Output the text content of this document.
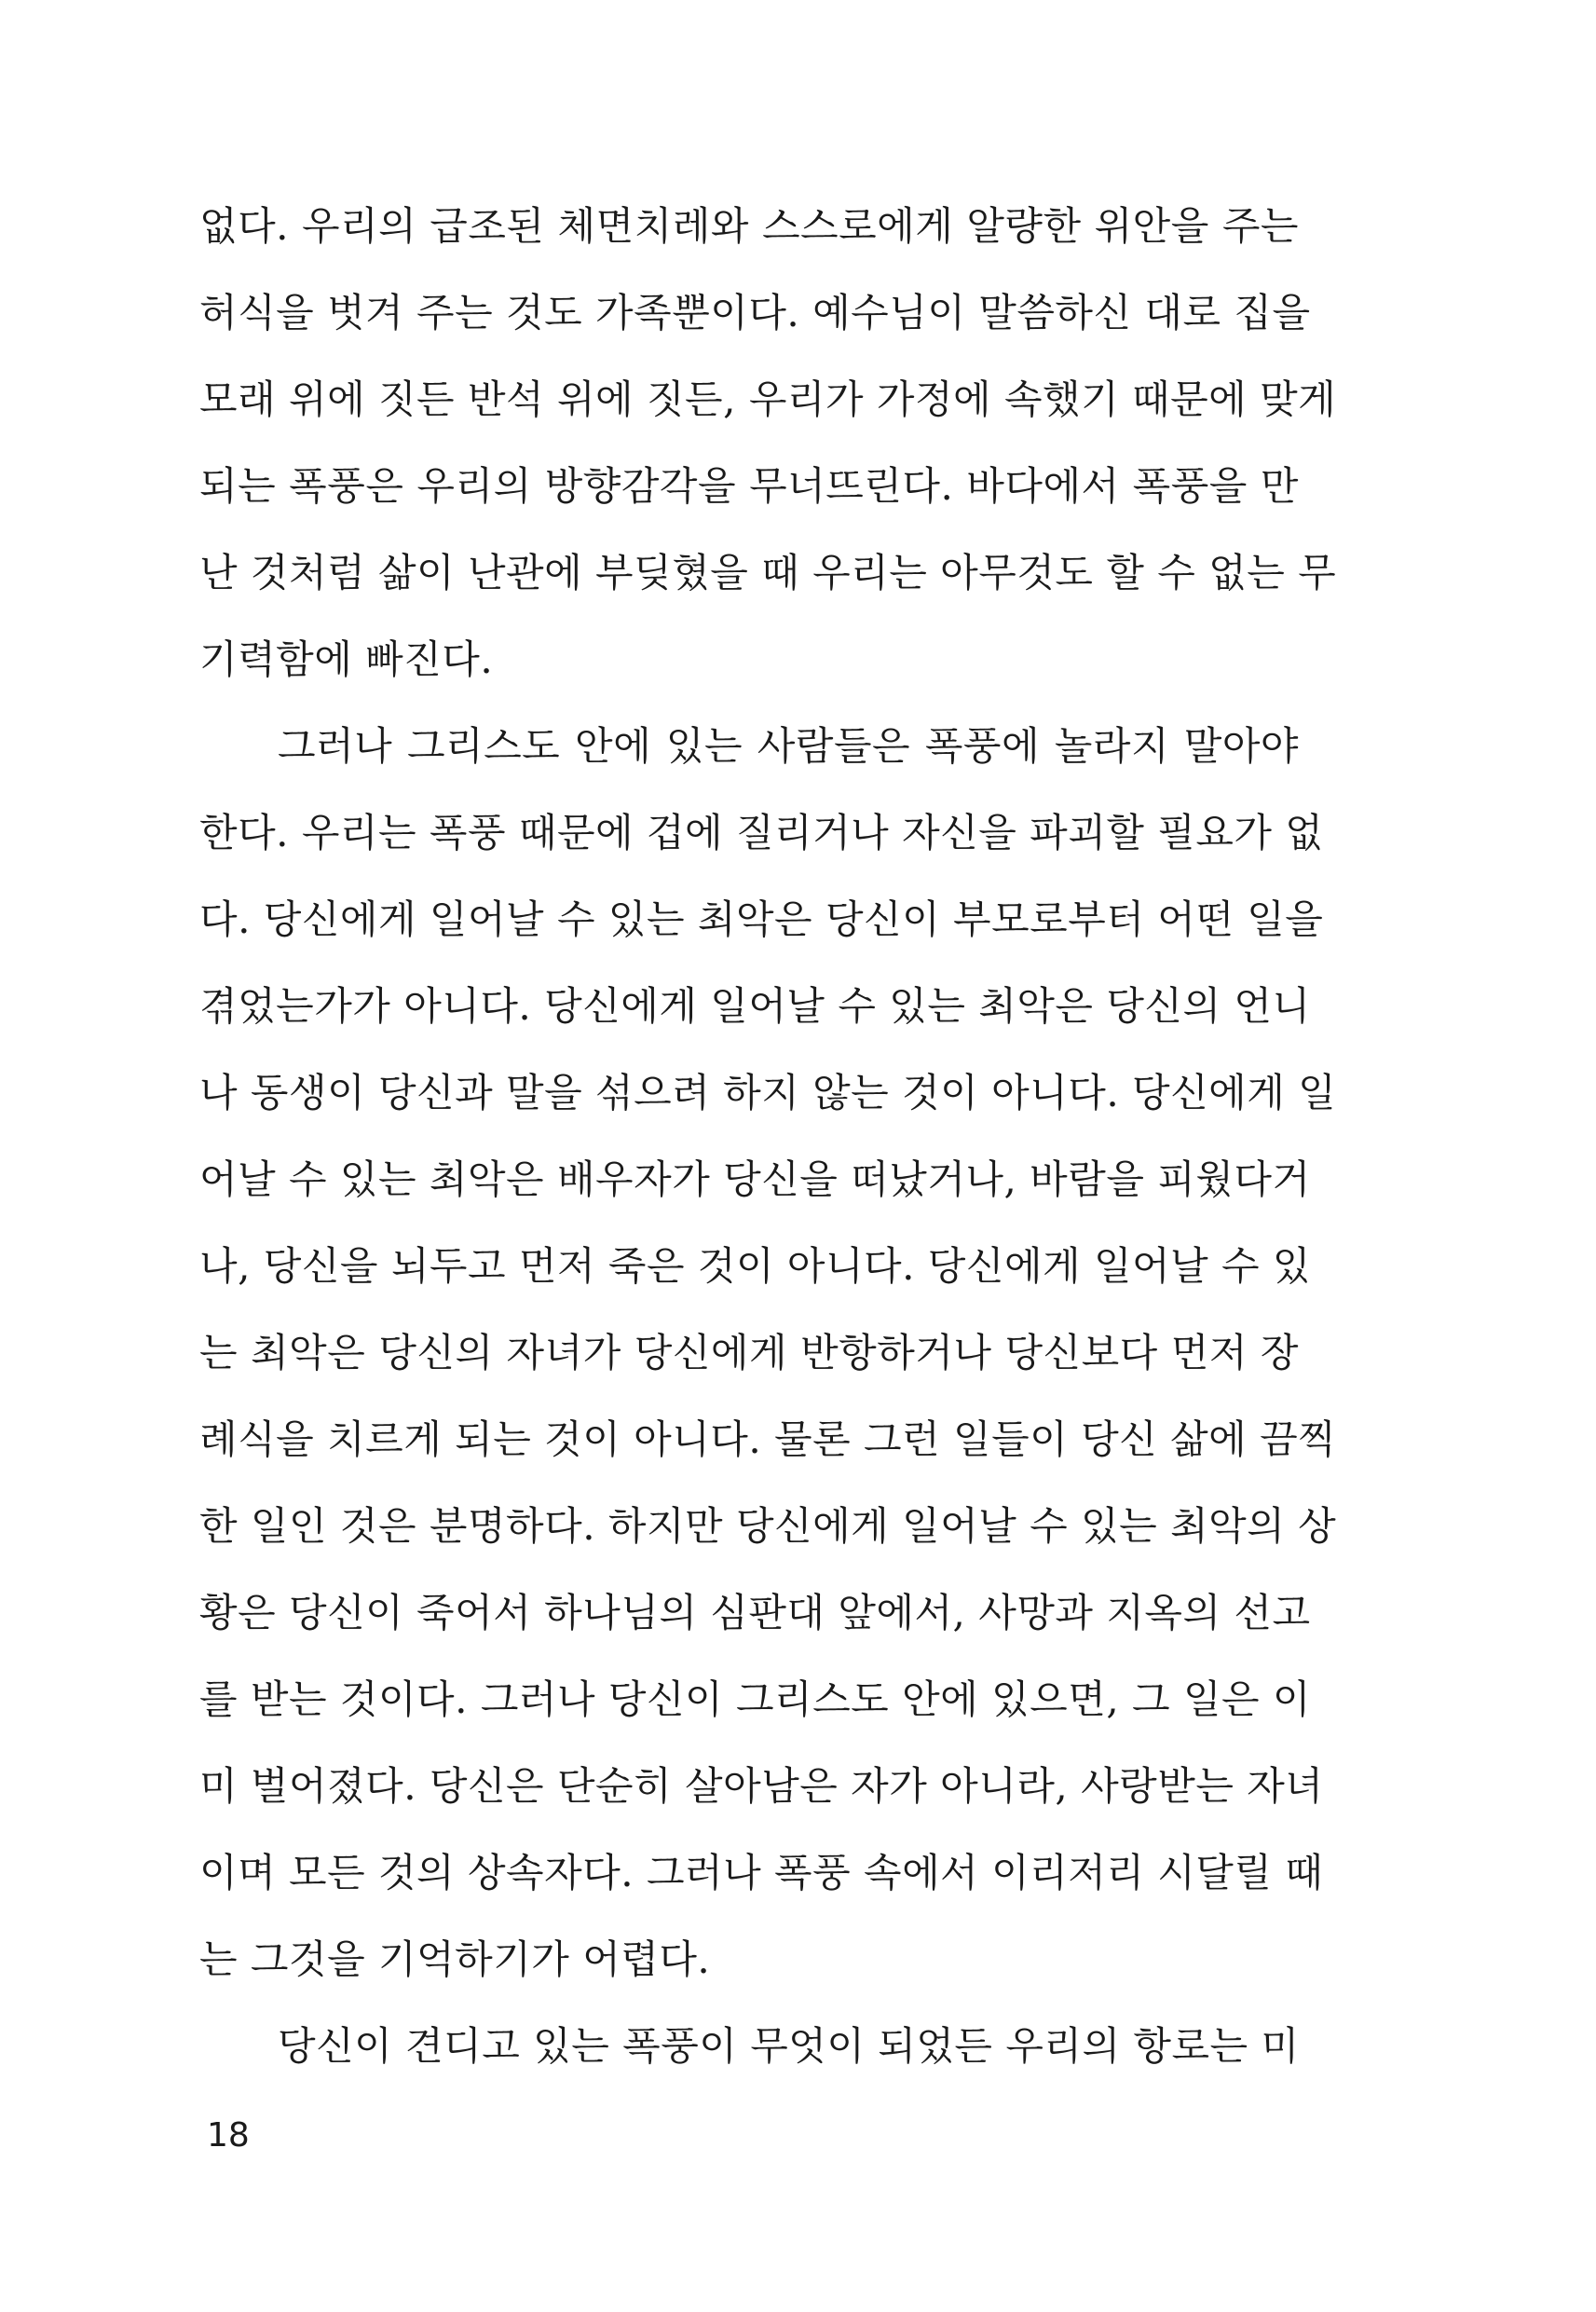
없다. 우리의 급조된 체면치레와 스스로에게 알량한 위안을 주는
허식을 벗겨 주는 것도 가족뿐이다. 예수님이 말씀하신 대로 집을
모래 위에 짓든 반석 위에 짓든, 우리가 가정에 속했기 때문에 맞게
되는 폭풍은 우리의 방향감각을 무너뜨린다. 바다에서 폭풍을 만
난 것처럼 삶이 난관에 부딪혔을 때 우리는 아무것도 할 수 없는 무
기력함에 빠진다.
그러나 그리스도 안에 있는 사람들은 폭풍에 놀라지 말아야
한다. 우리는 폭풍 때문에 겁에 질리거나 자신을 파괴할 필요가 없
다. 당신에게 일어날 수 있는 최악은 당신이 부모로부터 어떤 일을
겪었는가가 아니다. 당신에게 일어날 수 있는 최악은 당신의 언니
나 동생이 당신과 말을 섞으려 하지 않는 것이 아니다. 당신에게 일
어날 수 있는 최악은 배우자가 당신을 떠났거나, 바람을 피웠다거
나, 당신을 뇌두고 먼저 죽은 것이 아니다. 당신에게 일어날 수 있
는 최악은 당신의 자녀가 당신에게 반항하거나 당신보다 먼저 장
례식을 치르게 되는 것이 아니다. 물론 그런 일들이 당신 삶에 끔찍
한 일인 것은 분명하다. 하지만 당신에게 일어날 수 있는 최악의 상
황은 당신이 죽어서 하나님의 심판대 앞에서, 사망과 지옥의 선고
를 받는 것이다. 그러나 당신이 그리스도 안에 있으면, 그 일은 이
미 벌어졌다. 당신은 단순히 살아남은 자가 아니라, 사랑받는 자녀
이며 모든 것의 상속자다. 그러나 폭풍 속에서 이리저리 시달릴 때
는 그것을 기억하기가 어렵다.
당신이 견디고 있는 폭풍이 무엇이 되었든 우리의 항로는 미
18
